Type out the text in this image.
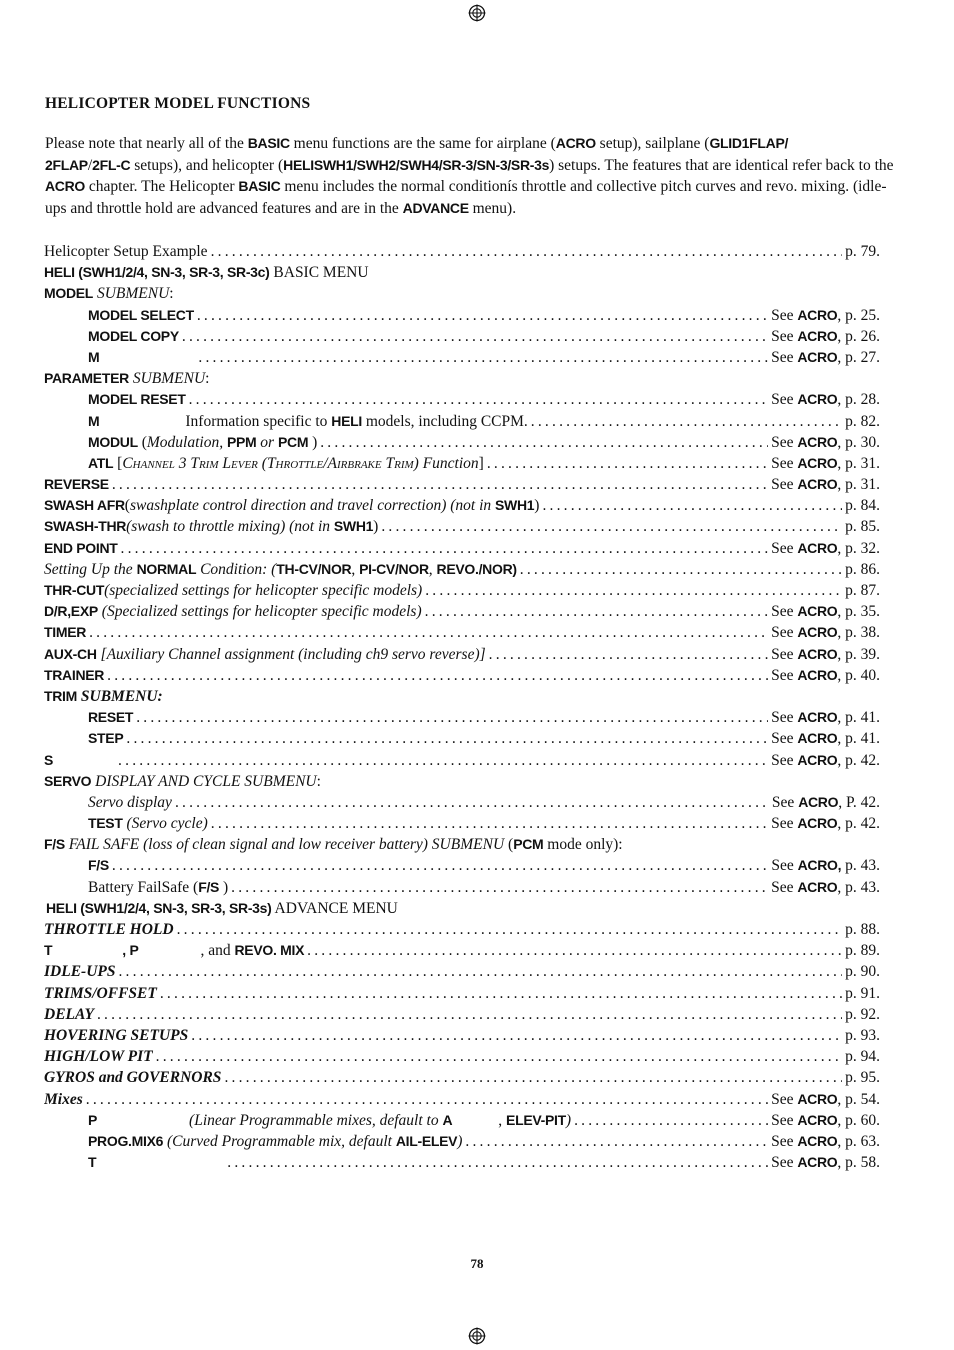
HELICOPTER MODEL FUNCTIONS
Please note that nearly all of the BASIC menu functions are the same for airplane (ACRO setup), sailplane (GLID1FLAP/
2FLAP/2FL-C setups), and helicopter (HELISWH1/SWH2/SWH4/SR-3/SN-3/SR-3s) setups. The features that are identical refer back to the ACRO chapter. The Helicopter BASIC menu includes the normal conditionís throttle and collective pitch curves and revo. mixing. (idle-ups and throttle hold are advanced features and are in the ADVANCE menu).
Helicopter Setup Example .....	p. 79.
HELI (SWH1/2/4, SN-3, SR-3, SR-3c) BASIC MENU
MODEL SUBMENU:
MODEL SELECT .....	See ACRO, p. 25.
MODEL COPY .....	See ACRO, p. 26.
M .....	See ACRO, p. 27.
PARAMETER SUBMENU:
MODEL RESET .....	See ACRO, p. 28.
M	Information specific to HELI models, including CCPM. .....	p. 82.
MODUL (Modulation, PPM or PCM ) .....	See ACRO, p. 30.
ATL [Channel 3 Trim Lever (Throttle/Airbrake Trim) Function] .....	See ACRO, p. 31.
REVERSE .....	See ACRO, p. 31.
SWASH AFR(swashplate control direction and travel correction) (not in SWH1) .....	p. 84.
SWASH-THR(swash to throttle mixing) (not in SWH1) .....	p. 85.
END POINT .....	See ACRO, p. 32.
Setting Up the NORMAL Condition: (TH-CV/NOR, PI-CV/NOR, REVO./NOR) .....	p. 86.
THR-CUT(specialized settings for helicopter specific models) .....	p. 87.
D/R,EXP (Specialized settings for helicopter specific models) .....	See ACRO, p. 35.
TIMER .....	See ACRO, p. 38.
AUX-CH [Auxiliary Channel assignment (including ch9 servo reverse)] .....	See ACRO, p. 39.
TRAINER .....	See ACRO, p. 40.
TRIM SUBMENU:
RESET .....	See ACRO, p. 41.
STEP .....	See ACRO, p. 41.
S .....	See ACRO, p. 42.
SERVO DISPLAY AND CYCLE SUBMENU:
Servo display .....	See ACRO, P. 42.
TEST (Servo cycle) .....	See ACRO, p. 42.
F/S FAIL SAFE (loss of clean signal and low receiver battery) SUBMENU (PCM mode only):
F/S .....	See ACRO, p. 43.
Battery FailSafe (F/S ) .....	See ACRO, p. 43.
HELI (SWH1/2/4, SN-3, SR-3, SR-3s) ADVANCE MENU
THROTTLE HOLD .....	p. 88.
T	, P	, and REVO. MIX .....	p. 89.
IDLE-UPS .....	p. 90.
TRIMS/OFFSET .....	p. 91.
DELAY .....	p. 92.
HOVERING SETUPS .....	p. 93.
HIGH/LOW PIT .....	p. 94.
GYROS and GOVERNORS .....	p. 95.
Mixes .....	See ACRO, p. 54.
P	(Linear Programmable mixes, default to A	, ELEV-PIT) .....	See ACRO, p. 60.
PROG.MIX6 (Curved Programmable mix, default AIL-ELEV) .....	See ACRO, p. 63.
T .....	See ACRO, p. 58.
78
